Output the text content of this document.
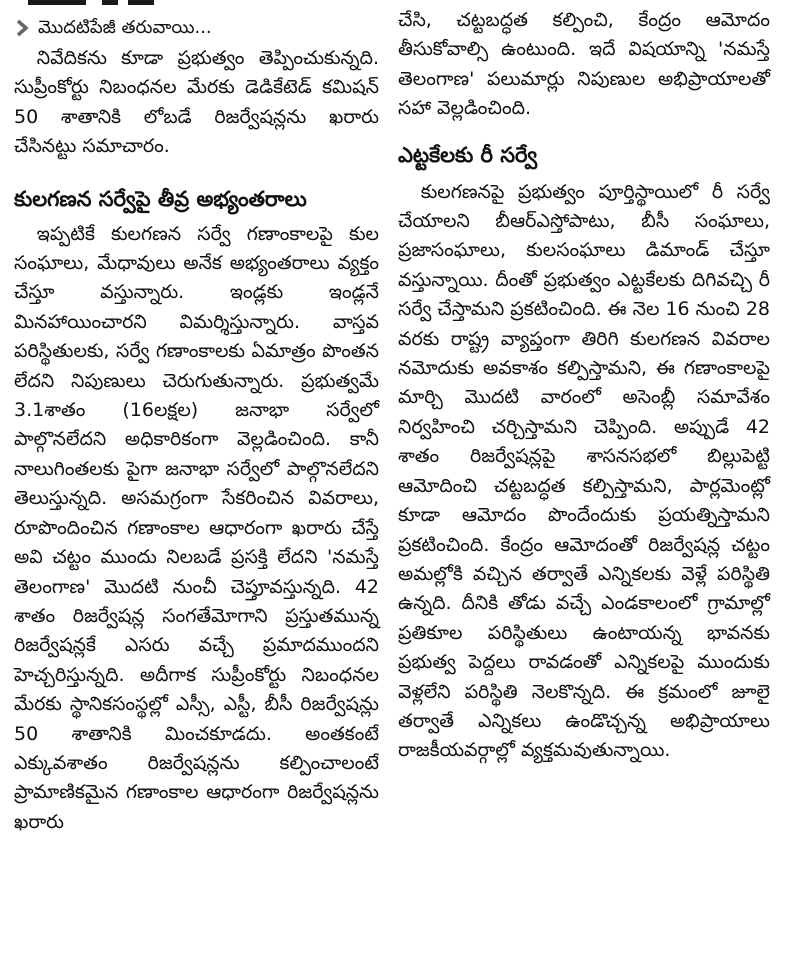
మొదటిపేజీ తరువాయి...

నివేదికను కూడా ప్రభుత్వం తెప్పించుకున్నది. సుప్రీంకోర్టు నిబంధనల మేరకు డెడికేటెడ్ కమిషన్ 50 శాతానికి లోబడే రిజర్వేషన్లను ఖరారు చేసినట్టు సమాచారం.

కులగణన సర్వేపై తీవ్ర అభ్యంతరాలు

ఇప్పటికే కులగణన సర్వే గణాంకాలపై కుల సంఘాలు, మేధావులు అనేక అభ్యంతరాలు వ్యక్తం చేస్తూ వస్తున్నారు. ఇండ్లకు ఇండ్లనే మినహాయించారని విమర్శిస్తున్నారు. వాస్తవ పరిస్థితులకు, సర్వే గణాంకాలకు ఏమాత్రం పొంతన లేదని నిపుణులు చెరుగుతున్నారు. ప్రభుత్వమే 3.1శాతం (16లక్షల) జనాభా సర్వేలో పాల్గొనలేదని అధికారికంగా వెల్లడించింది. కానీ నాలుగింతలకు పైగా జనాభా సర్వేలో పాల్గొనలేదని తెలుస్తున్నది. అసమగ్రంగా సేకరించిన వివరాలు, రూపొందించిన గణాంకాల ఆధారంగా ఖరారు చేస్తే అవి చట్టం ముందు నిలబడే ప్రసక్తి లేదని 'నమస్తే తెలంగాణ' మొదటి నుంచీ చెప్తూవస్తున్నది. 42 శాతం రిజర్వేషన్ల సంగతేమోగాని ప్రస్తుతమున్న రిజర్వేషన్లకే ఎసరు వచ్చే ప్రమాదముందని హెచ్చరిస్తున్నది. అదీగాక సుప్రీంకోర్టు నిబంధనల మేరకు స్థానికసంస్థల్లో ఎస్సీ, ఎస్టీ, బీసీ రిజర్వేషన్లు 50 శాతానికి మించకూడదు. అంతకంటే ఎక్కువశాతం రిజర్వేషన్లను కల్పించాలంటే ప్రామాణికమైన గణాంకాల ఆధారంగా రిజర్వేషన్లను ఖరారు

చేసి, చట్టబద్ధత కల్పించి, కేంద్రం ఆమోదం తీసుకోవాల్సి ఉంటుంది. ఇదే విషయాన్ని 'నమస్తే తెలంగాణ' పలుమార్లు నిపుణుల అభిప్రాయాలతో సహా వెల్లడించింది.

ఎట్టకేలకు రీ సర్వే

కులగణనపై ప్రభుత్వం పూర్తిస్థాయిలో రీ సర్వే చేయాలని బీఆర్ఎస్తోపాటు, బీసీ సంఘాలు, ప్రజాసంఘాలు, కులసంఘాలు డిమాండ్ చేస్తూ వస్తున్నాయి. దీంతో ప్రభుత్వం ఎట్టకేలకు దిగివచ్చి రీ సర్వే చేస్తామని ప్రకటించింది. ఈ నెల 16 నుంచి 28 వరకు రాష్ట్ర వ్యాప్తంగా తిరిగి కులగణన వివరాల నమోదుకు అవకాశం కల్పిస్తామని, ఈ గణాంకాలపై మార్చి మొదటి వారంలో అసెంబ్లీ సమావేశం నిర్వహించి చర్చిస్తామని చెప్పింది. అప్పుడే 42 శాతం రిజర్వేషన్లపై శాసనసభలో బిల్లుపెట్టి ఆమోదించి చట్టబద్ధత కల్పిస్తామని, పార్లమెంట్లో కూడా ఆమోదం పొందేందుకు ప్రయత్నిస్తామని ప్రకటించింది. కేంద్రం ఆమోదంతో రిజర్వేషన్ల చట్టం అమల్లోకి వచ్చిన తర్వాతే ఎన్నికలకు వెళ్లే పరిస్థితి ఉన్నది. దీనికి తోడు వచ్చే ఎండకాలంలో గ్రామాల్లో ప్రతికూల పరిస్థితులు ఉంటాయన్న భావనకు ప్రభుత్వ పెద్దలు రావడంతో ఎన్నికలపై ముందుకు వెళ్లలేని పరిస్థితి నెలకొన్నది. ఈ క్రమంలో జూలై తర్వాతే ఎన్నికలు ఉండొచ్చన్న అభిప్రాయాలు రాజకీయవర్గాల్లో వ్యక్తమవుతున్నాయి.
